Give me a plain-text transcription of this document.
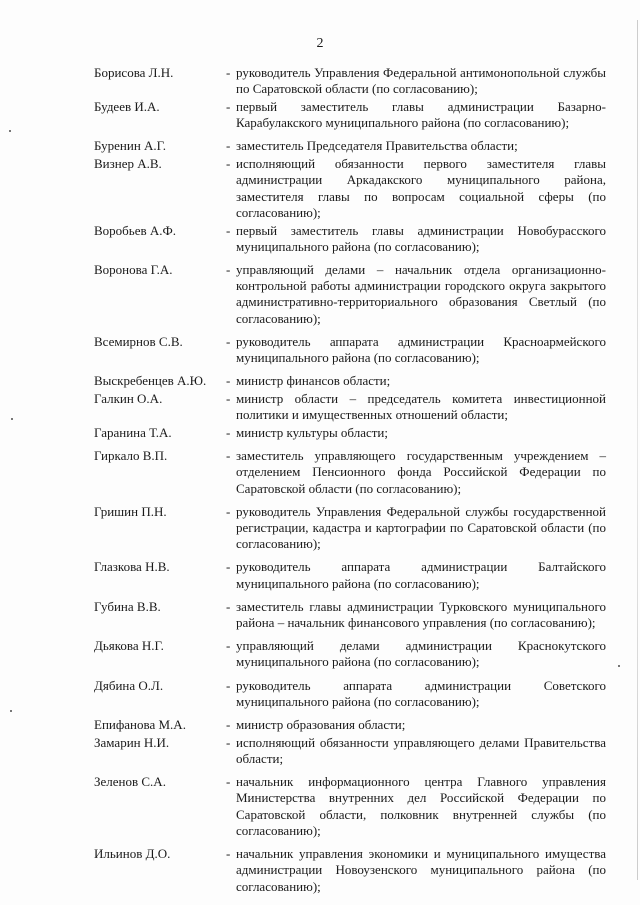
2
Борисова Л.Н.	- руководитель Управления Федеральной антимонопольной службы по Саратовской области (по согласованию);
Будеев И.А.	- первый заместитель главы администрации Базарно-Карабулакского муниципального района (по согласованию);
Буренин А.Г.	- заместитель Председателя Правительства области;
Визнер А.В.	- исполняющий обязанности первого заместителя главы администрации Аркадакского муниципального района, заместителя главы по вопросам социальной сферы (по согласованию);
Воробьев А.Ф.	- первый заместитель главы администрации Новобурасского муниципального района (по согласованию);
Воронова Г.А.	- управляющий делами – начальник отдела организационно-контрольной работы администрации городского округа закрытого административно-территориального образования Светлый (по согласованию);
Всемирнов С.В.	- руководитель аппарата администрации Красноармейского муниципального района (по согласованию);
Выскребенцев А.Ю.	- министр финансов области;
Галкин О.А.	- министр области – председатель комитета инвестиционной политики и имущественных отношений области;
Гаранина Т.А.	- министр культуры области;
Гиркало В.П.	- заместитель управляющего государственным учреждением – отделением Пенсионного фонда Российской Федерации по Саратовской области (по согласованию);
Гришин П.Н.	- руководитель Управления Федеральной службы государственной регистрации, кадастра и картографии по Саратовской области (по согласованию);
Глазкова Н.В.	- руководитель аппарата администрации Балтайского муниципального района (по согласованию);
Губина В.В.	- заместитель главы администрации Турковского муниципального района – начальник финансового управления (по согласованию);
Дьякова Н.Г.	- управляющий делами администрации Краснокутского муниципального района (по согласованию);
Дябина О.Л.	- руководитель аппарата администрации Советского муниципального района (по согласованию);
Епифанова М.А.	- министр образования области;
Замарин Н.И.	- исполняющий обязанности управляющего делами Правительства области;
Зеленов С.А.	- начальник информационного центра Главного управления Министерства внутренних дел Российской Федерации по Саратовской области, полковник внутренней службы (по согласованию);
Ильинов Д.О.	- начальник управления экономики и муниципального имущества администрации Новоузенского муниципального района (по согласованию);
